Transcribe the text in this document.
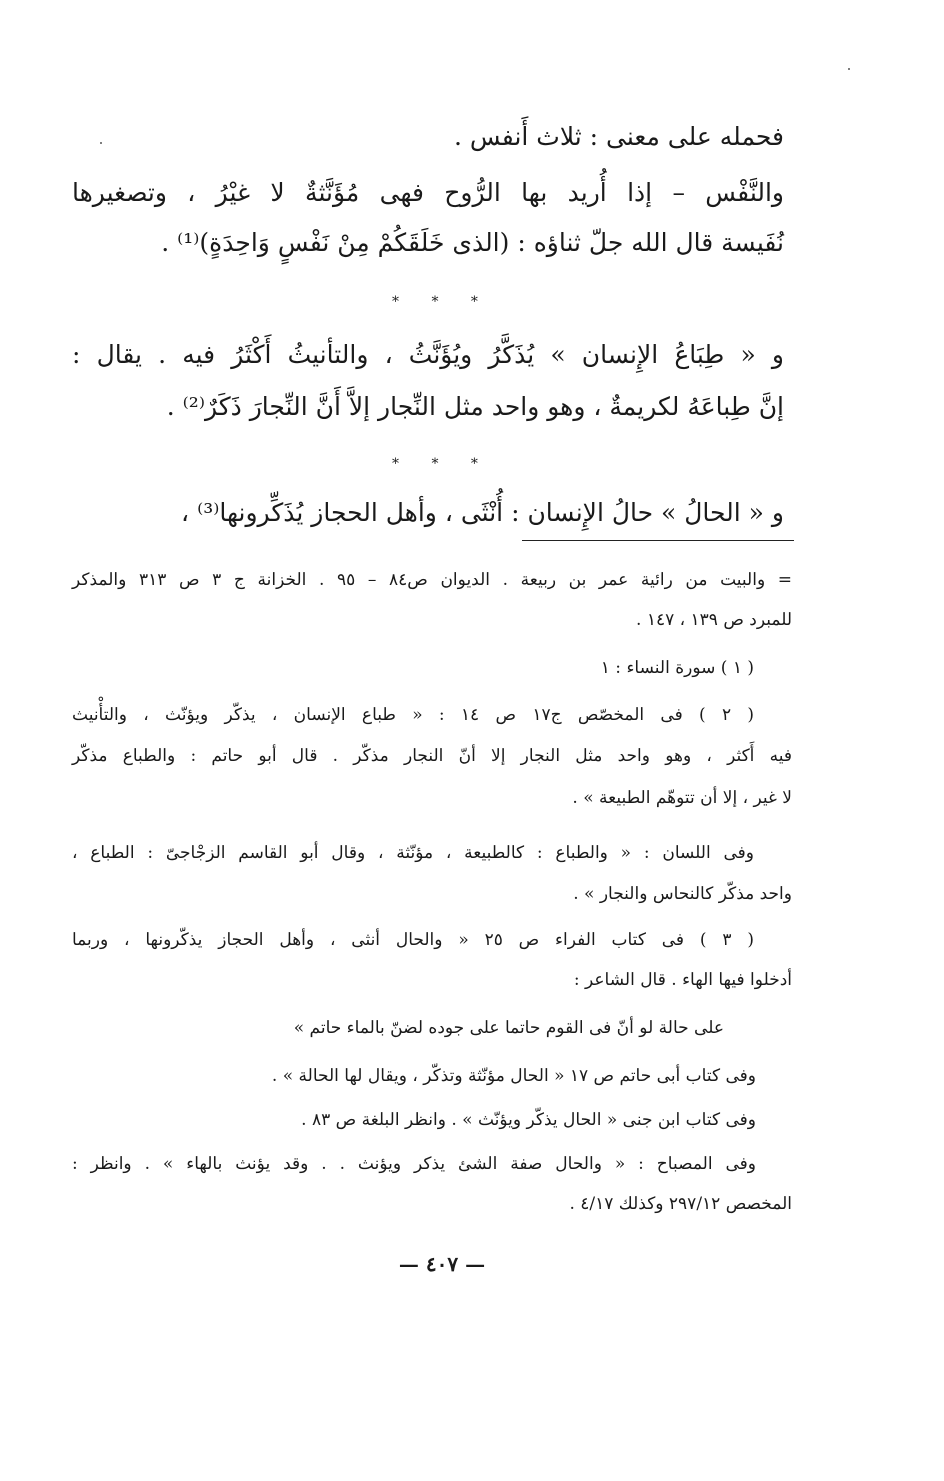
فحمله على معنى : ثلاث أَنفس .
والنَّفْس – إذا أُريد بها الرُّوح فهى مُؤَنَّثةٌ لا غيْرُ ، وتصغيرها
نُفَيسة قال الله جلّ ثناؤه : (الذى خَلَقَكُمْ مِنْ نَفْسٍ وَاحِدَةٍ)⁽¹⁾ .
* * *
و « طِبَاعُ الإِنسان » يُذَكَّرُ ويُؤَنَّثُ ، والتأنيثُ أَكْثَرُ فيه . يقال :
إنَّ طِباعَهُ لكريمةٌ ، وهو واحد مثل النِّجار إلاَّ أَنَّ النِّجارَ ذَكَرٌ⁽²⁾ .
* * *
و « الحالُ » حالُ الإِنسان : أُنْثَى ، وأهل الحجاز يُذَكِّرونها⁽³⁾ ،
= والبيت من رائية عمر بن ربيعة . الديوان ص٨٤ – ٩٥ . الخزانة ج ٣ ص ٣١٣ والمذكر
للمبرد ص ١٣٩ ، ١٤٧ .
( ١ ) سورة النساء : ١
( ٢ ) فى المخصّص ج١٧ ص ١٤ : « طباع الإنسان ، يذكّر ويؤنّث ، والتأْنيث
فيه أَكثر ، وهو واحد مثل النجار إلا أنّ النجار مذكّر . قال أبو حاتم : والطباع مذكّر
لا غير ، إلا أن تتوهّم الطبيعة » .
وفى اللسان : « والطباع : كالطبيعة ، مؤنّثة ، وقال أبو القاسم الزجْاجىّ : الطباع ،
واحد مذكّر كالنحاس والنجار » .
( ٣ ) فى كتاب الفراء ص ٢٥ « والحال أنثى ، وأهل الحجاز يذكّرونها ، وربما
أدخلوا فيها الهاء . قال الشاعر :
على حالة لو أنّ فى القوم حاتما على جوده لضنّ بالماء حاتم »
وفى كتاب أبى حاتم ص ١٧ « الحال مؤنّثة وتذكّر ، ويقال لها الحالة » .
وفى كتاب ابن جنى « الحال يذكّر ويؤنّث » . وانظر البلغة ص ٨٣ .
وفى المصباح : « والحال صفة الشئ يذكر ويؤنث . . وقد يؤنث بالهاء » . وانظر :
المخصص ٢٩٧/١٢ وكذلك ٤/١٧ .
— ٤٠٧ —
